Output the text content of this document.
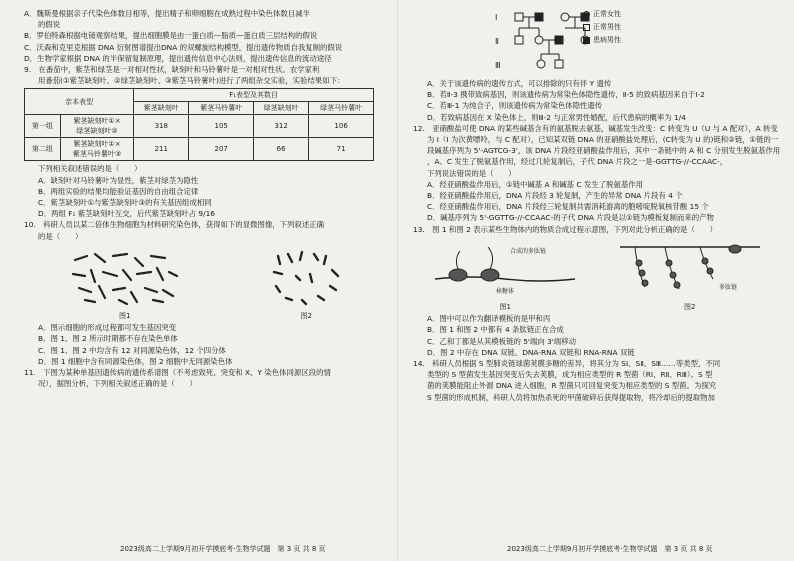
A．魏斯曼根据亲子代染色体数目相等，提出精子和卵细胞在成熟过程中染色体数目减半
的假说
B．罗伯特森根据电镜观察结果，提出细胞膜是由一蛋白质—脂质—蛋白质三层结构的假说
C．沃森和克里克根据 DNA 衍射图谱提出DNA 的双螺旋结构模型，提出遗传物质自我复制的假说
D．生物学家根据 DNA 的半保留复制原理，提出遗传信息中心法则，提出遗传信息的流动途径
9.　在番茄中，紫茎和绿茎是一对相对性状，缺刻叶和马铃薯叶是一对相对性状。农学家利
用番茄(①紫茎缺刻叶、②绿茎缺刻叶、③紫茎马铃薯叶)进行了两组杂交实验，实验结果如下：
亲本表型		F₁表型及其数目			
		紫茎缺刻叶	紫茎马铃薯叶	绿茎缺刻叶	绿茎马铃薯叶
第一组	紫茎缺刻叶①×
绿茎缺刻叶②	318	105	312	106
第二组	紫茎缺刻叶①×
紫茎马铃薯叶③	211	207	66	71
下列相关叙述错误的是（　　）
A．缺刻叶对马铃薯叶为显性，紫茎对绿茎为隐性
B．两组实验的结果均能验证基因的自由组合定律
C．紫茎缺刻叶①与紫茎缺刻叶③的有关基因组成相同
D．两组 F₁ 紫茎缺刻叶互交，后代紫茎缺刻叶占 9/16
10.　科研人员以某二倍体生物细胞为材料研究染色体，获得如下的显微图像，下列叙述正确
的是（　　）
图1	图2
A．图示细胞的形成过程都可发生基因突变
B．图 1、图 2 所示时期都不存在染色单体
C．图 1、图 2 中均含有 12 对同源染色体，12 个四分体
D．图 1 细胞中含有同源染色体，图 2 细胞中无同源染色体
11.　下图为某种单基因遗传病的遗传系谱图（不考虑致死、突变和 X、Y 染色体同源区段的情
况），据图分析，下列相关叙述正确的是（　　）
2023级高二上学期9月初开学摸底考·生物学试题　第 3 页 共 8 页
Ⅰ
Ⅱ
Ⅲ
正常女性
正常男性
患病男性
A．关于该遗传病的遗传方式，可以排除的只有伴 Y 遗传
B．若Ⅱ-3 携带致病基因，则该遗传病为常染色体隐性遗传，Ⅱ-5 的致病基因来自于Ⅰ-2
C．若Ⅲ-1 为纯合子，则该遗传病为常染色体隐性遗传
D．若致病基因在 X 染色体上，则Ⅲ-2 与正常男性婚配，后代患病的概率为 1/4
12.　亚硝酸盐可使 DNA 的某些碱基含有的氨基脱去氨基，碱基发生改变：C 转变为 U（U 与 A 配对），A 转变
为 I（I 为次黄嘌呤，与 C 配对），已知某双链 DNA 的亚硝酸盐处理后，(C转变为 U 的)链和②链，①链的一
段碱基序列为 5'-AGTCG-3'，该 DNA 片段经亚硝酸盐作用后，其中一条链中的 A 和 C 分别发生脱氨基作用
，A、C 发生了脱氨基作用，经过几轮复制后，子代 DNA 片段之一是-GGTTG-//-CCAAC-，
下列说法错误的是（　　）
A．经亚硝酸盐作用后，①链中碱基 A 和碱基 C 发生了脱氨基作用
B．经亚硝酸盐作用后，DNA 片段经 3 轮复制，产生的异常 DNA 片段有 4 个
C．经亚硝酸盐作用后，DNA 片段经三轮复制共需消耗游离的胞嘧啶脱氧核苷酸 15 个
D．碱基序列为 5'-GGTTG-//-CCAAC-的子代 DNA 片段是以①链为模板复制而来的产物
13.　图 1 和图 2 表示某些生物体内的物质合成过程示意图，下列对此分析正确的是（　　）
合成的多肽链
核糖体
图1
多肽链
图2
A．图中可以作为翻译模板的是甲和丙
B．图 1 和图 2 中都有 4 条肽链正在合成
C．乙和丁都是从其模板链的 5'端向 3'端移动
D．图 2 中存在 DNA 双链、DNA-RNA 双链和 RNA-RNA 双链
14.　科研人员根据 S 型肺炎链球菌荚膜多糖的差异，将其分为 SⅠ、SⅡ、SⅢ……等类型，不同
类型的 S 型菌发生基因突变后失去荚膜，成为相应类型的 R 型菌（RⅠ、RⅡ、RⅢ）。S 型
菌的荚膜能阻止外源 DNA 进入细胞，R 型菌只可回复突变为相应类型的 S 型菌。为探究
S 型菌的形成机制，科研人员将加热杀死的甲菌破碎后获得提取物，将冷却后的提取物加
2023级高二上学期9月初开学摸底考·生物学试题　第 3 页 共 8 页
